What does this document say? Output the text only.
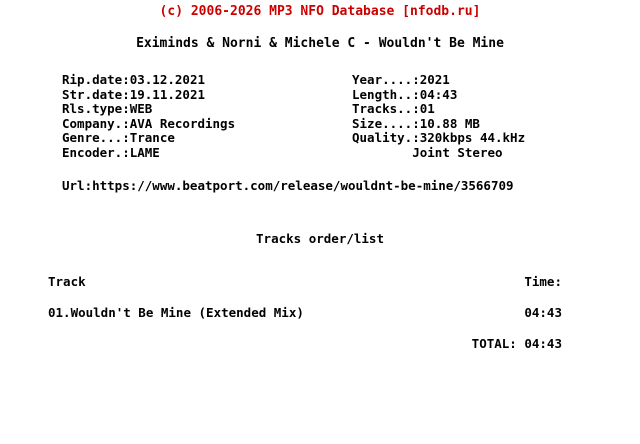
(c) 2006-2026 MP3 NFO Database [nfodb.ru]
Eximinds & Norni & Michele C - Wouldn't Be Mine
Rip.date:03.12.2021
Str.date:19.11.2021
Rls.type:WEB
Company.:AVA Recordings
Genre...:Trance
Encoder.:LAME
Year....:2021
Length..:04:43
Tracks..:01
Size....:10.88 MB
Quality.:320kbps 44.kHz
Joint Stereo
Url:https://www.beatport.com/release/wouldnt-be-mine/3566709
Tracks order/list
Track	Time:
01.Wouldn't Be Mine (Extended Mix)	04:43
TOTAL: 04:43
